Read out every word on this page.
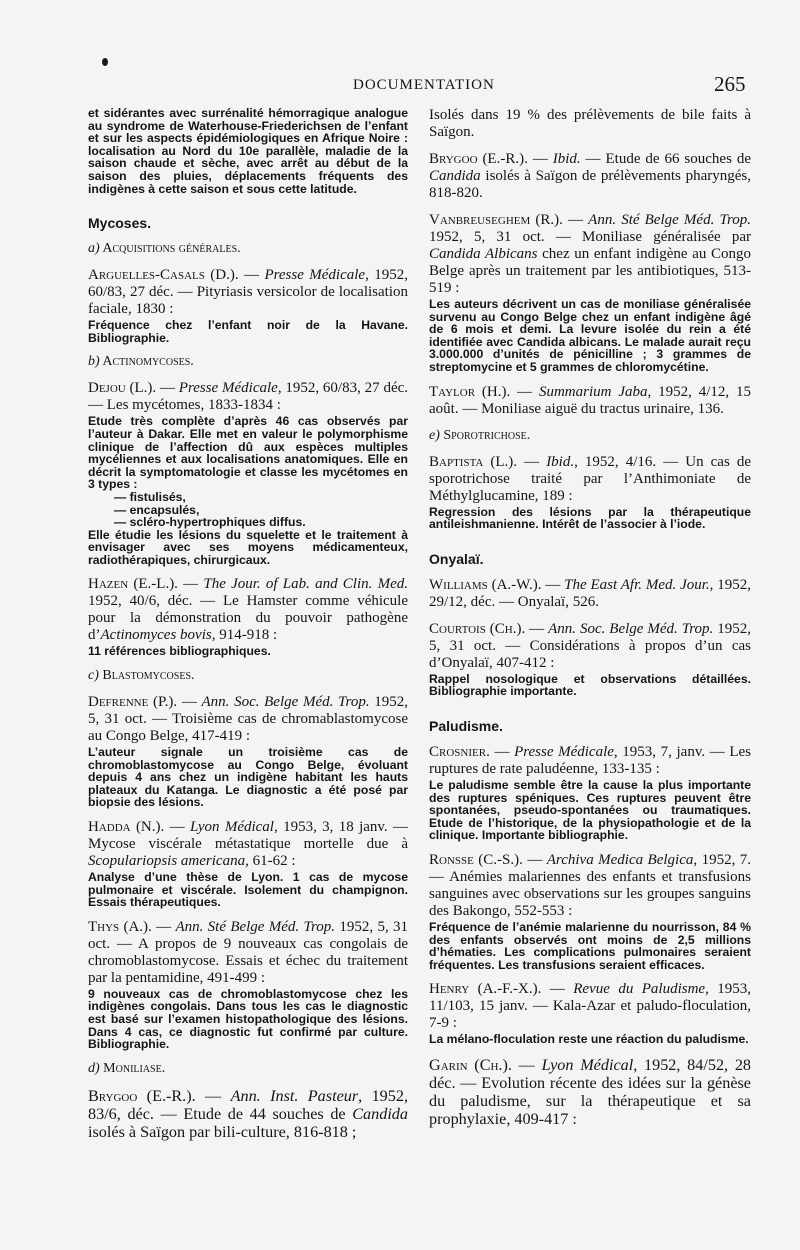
DOCUMENTATION	265

et sidérantes avec surrénalité hémorragique analogue au syndrome de Waterhouse-Friederichsen de l’enfant et sur les aspects épidémiologiques en Afrique Noire : localisation au Nord du 10e parallèle, maladie de la saison chaude et sèche, avec arrêt au début de la saison des pluies, déplacements fréquents des indigènes à cette saison et sous cette latitude.

Mycoses.

a) Acquisitions générales.

Arguelles-Casals (D.). — Presse Médicale, 1952, 60/83, 27 déc. — Pityriasis versicolor de localisation faciale, 1830 :

Fréquence chez l’enfant noir de la Havane. Bibliographie.

b) Actinomycoses.

Dejou (L.). — Presse Médicale, 1952, 60/83, 27 déc. — Les mycétomes, 1833-1834 :

Etude très complète d’après 46 cas observés par l’auteur à Dakar. Elle met en valeur le polymorphisme clinique de l’affection dû aux espèces multiples mycéliennes et aux localisations anatomiques. Elle en décrit la symptomatologie et classe les mycétomes en 3 types :
— fistulisés,
— encapsulés,
— scléro-hypertrophiques diffus.
Elle étudie les lésions du squelette et le traitement à envisager avec ses moyens médicamenteux, radiothérapiques, chirurgicaux.

Hazen (E.-L.). — The Jour. of Lab. and Clin. Med. 1952, 40/6, déc. — Le Hamster comme véhicule pour la démonstration du pouvoir pathogène d’Actinomyces bovis, 914-918 :

11 références bibliographiques.

c) Blastomycoses.

Defrenne (P.). — Ann. Soc. Belge Méd. Trop. 1952, 5, 31 oct. — Troisième cas de chromablastomycose au Congo Belge, 417-419 :

L’auteur signale un troisième cas de chromoblastomycose au Congo Belge, évoluant depuis 4 ans chez un indigène habitant les hauts plateaux du Katanga. Le diagnostic a été posé par biopsie des lésions.

Hadda (N.). — Lyon Médical, 1953, 3, 18 janv. — Mycose viscérale métastatique mortelle due à Scopulariopsis americana, 61-62 :

Analyse d’une thèse de Lyon. 1 cas de mycose pulmonaire et viscérale. Isolement du champignon. Essais thérapeutiques.

Thys (A.). — Ann. Sté Belge Méd. Trop. 1952, 5, 31 oct. — A propos de 9 nouveaux cas congolais de chromoblastomycose. Essais et échec du traitement par la pentamidine, 491-499 :

9 nouveaux cas de chromoblastomycose chez les indigènes congolais. Dans tous les cas le diagnostic est basé sur l’examen histopathologique des lésions. Dans 4 cas, ce diagnostic fut confirmé par culture. Bibliographie.

d) Moniliase.

Brygoo (E.-R.). — Ann. Inst. Pasteur, 1952, 83/6, déc. — Etude de 44 souches de Candida isolés à Saïgon par bili-culture, 816-818 ;

Isolés dans 19 % des prélèvements de bile faits à Saïgon.

Brygoo (E.-R.). — Ibid. — Etude de 66 souches de Candida isolés à Saïgon de prélèvements pharyngés, 818-820.

Vanbreuseghem (R.). — Ann. Sté Belge Méd. Trop. 1952, 5, 31 oct. — Moniliase généralisée par Candida Albicans chez un enfant indigène au Congo Belge après un traitement par les antibiotiques, 513-519 :

Les auteurs décrivent un cas de moniliase généralisée survenu au Congo Belge chez un enfant indigène âgé de 6 mois et demi. La levure isolée du rein a été identifiée avec Candida albicans. Le malade aurait reçu 3.000.000 d’unités de pénicilline ; 3 grammes de streptomycine et 5 grammes de chloromycétine.

Taylor (H.). — Summarium Jaba, 1952, 4/12, 15 août. — Moniliase aiguë du tractus urinaire, 136.

e) Sporotrichose.

Baptista (L.). — Ibid., 1952, 4/16. — Un cas de sporotrichose traité par l’Anthimoniate de Méthylglucamine, 189 :

Regression des lésions par la thérapeutique antileishmanienne. Intérêt de l’associer à l’iode.

Onyalaï.

Williams (A.-W.). — The East Afr. Med. Jour., 1952, 29/12, déc. — Onyalaï, 526.

Courtois (Ch.). — Ann. Soc. Belge Méd. Trop. 1952, 5, 31 oct. — Considérations à propos d’un cas d’Onyalaï, 407-412 :

Rappel nosologique et observations détaillées. Bibliographie importante.

Paludisme.

Crosnier. — Presse Médicale, 1953, 7, janv. — Les ruptures de rate paludéenne, 133-135 :

Le paludisme semble être la cause la plus importante des ruptures spéniques. Ces ruptures peuvent être spontanées, pseudo-spontanées ou traumatiques. Etude de l’historique, de la physiopathologie et de la clinique. Importante bibliographie.

Ronsse (C.-S.). — Archiva Medica Belgica, 1952, 7. — Anémies malariennes des enfants et transfusions sanguines avec observations sur les groupes sanguins des Bakongo, 552-553 :

Fréquence de l’anémie malarienne du nourrisson, 84 % des enfants observés ont moins de 2,5 millions d’hématies. Les complications pulmonaires seraient fréquentes. Les transfusions seraient efficaces.

Henry (A.-F.-X.). — Revue du Paludisme, 1953, 11/103, 15 janv. — Kala-Azar et paludo-floculation, 7-9 :

La mélano-floculation reste une réaction du paludisme.

Garin (Ch.). — Lyon Médical, 1952, 84/52, 28 déc. — Evolution récente des idées sur la génèse du paludisme, sur la thérapeutique et sa prophylaxie, 409-417 :
